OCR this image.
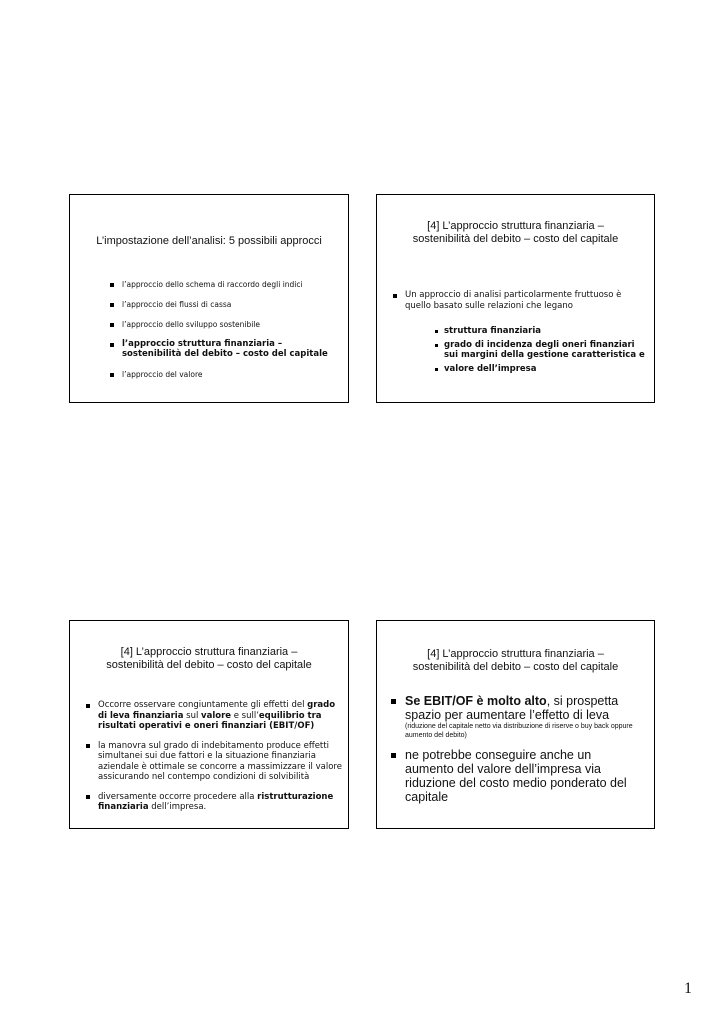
L’impostazione dell’analisi: 5 possibili approcci
l’approccio dello schema di raccordo degli indici
l’approccio dei flussi di cassa
l’approccio dello sviluppo sostenibile
l’approccio struttura finanziaria – sostenibilità del debito – costo del capitale
l’approccio del valore
[4] L’approccio struttura finanziaria –
sostenibilità del debito – costo del capitale
Un approccio di analisi particolarmente fruttuoso è quello basato sulle relazioni che legano
struttura finanziaria
grado di incidenza degli oneri finanziari sui margini della gestione caratteristica e
valore dell’impresa
[4] L’approccio struttura finanziaria –
sostenibilità del debito – costo del capitale
Occorre osservare congiuntamente gli effetti del grado di leva finanziaria sul valore e sull’equilibrio tra risultati operativi e oneri finanziari (EBIT/OF)
la manovra sul grado di indebitamento produce effetti simultanei sui due fattori e la situazione finanziaria aziendale è ottimale se concorre a massimizzare il valore assicurando nel contempo condizioni di solvibilità
diversamente occorre procedere alla ristrutturazione finanziaria dell’impresa.
[4] L’approccio struttura finanziaria –
sostenibilità del debito – costo del capitale
Se EBIT/OF è molto alto, si prospetta spazio per aumentare l’effetto di leva
(riduzione del capitale netto via distribuzione di riserve o buy back oppure aumento del debito)
ne potrebbe conseguire anche un aumento del valore dell’impresa via riduzione del costo medio ponderato del capitale
1
